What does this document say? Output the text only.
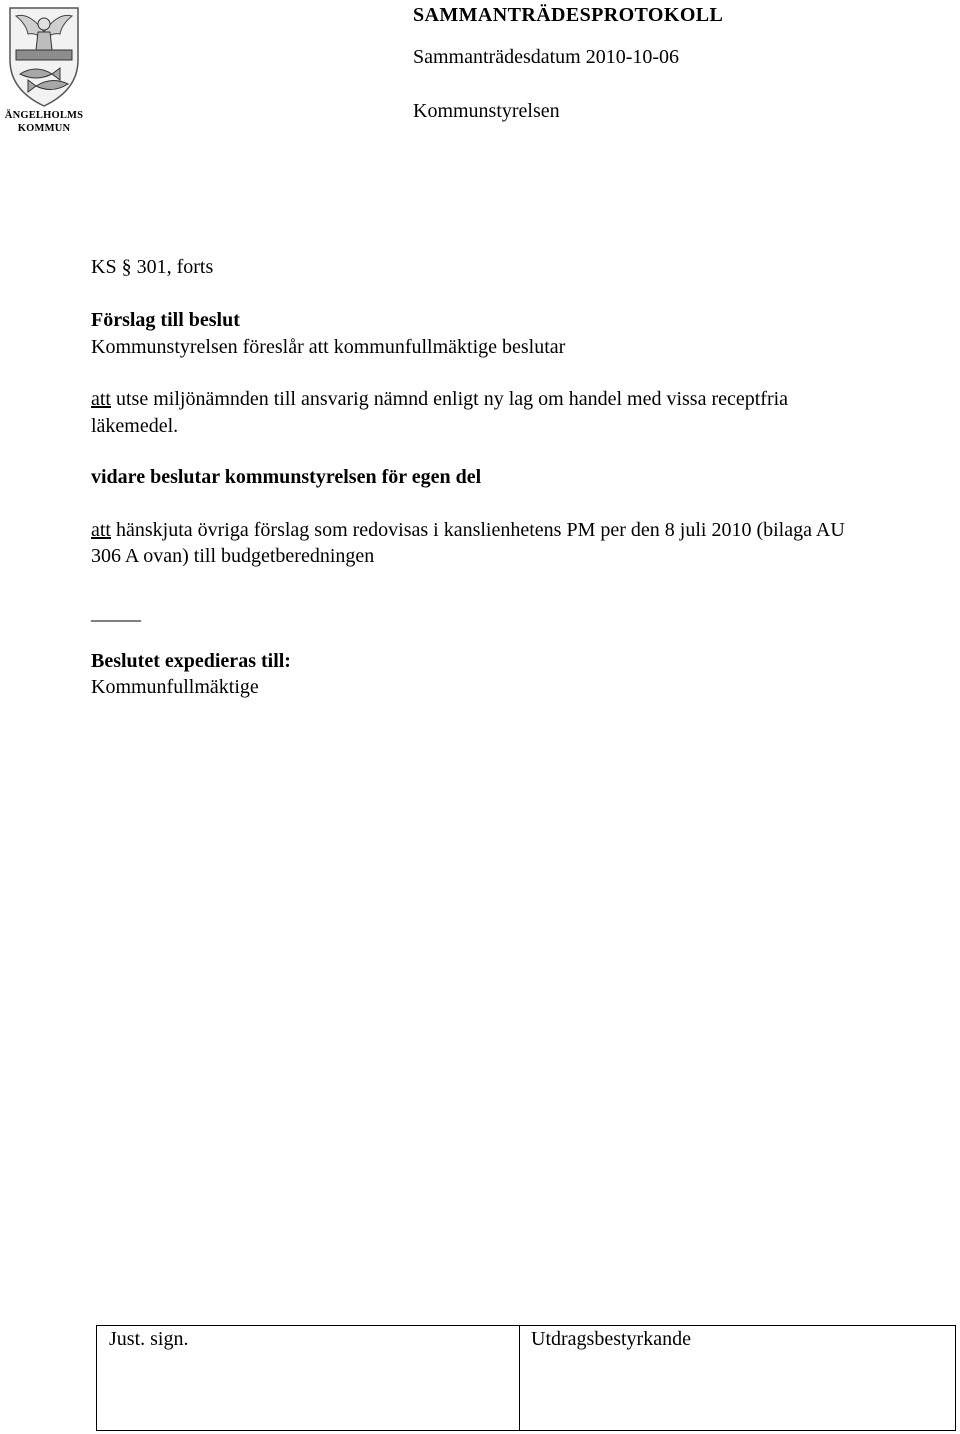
ÄNGELHOLMS
KOMMUN
SAMMANTRÄDESPROTOKOLL
Sammanträdesdatum 2010-10-06
Kommunstyrelsen
KS § 301, forts
Förslag till beslut
Kommunstyrelsen föreslår att kommunfullmäktige beslutar
att utse miljönämnden till ansvarig nämnd enligt ny lag om handel med vissa receptfria
läkemedel.
vidare beslutar kommunstyrelsen för egen del
att hänskjuta övriga förslag som redovisas i kanslienhetens PM per den 8 juli 2010 (bilaga AU
306 A ovan) till budgetberedningen
_____
Beslutet expedieras till:
Kommunfullmäktige
Just. sign.	Utdragsbestyrkande
